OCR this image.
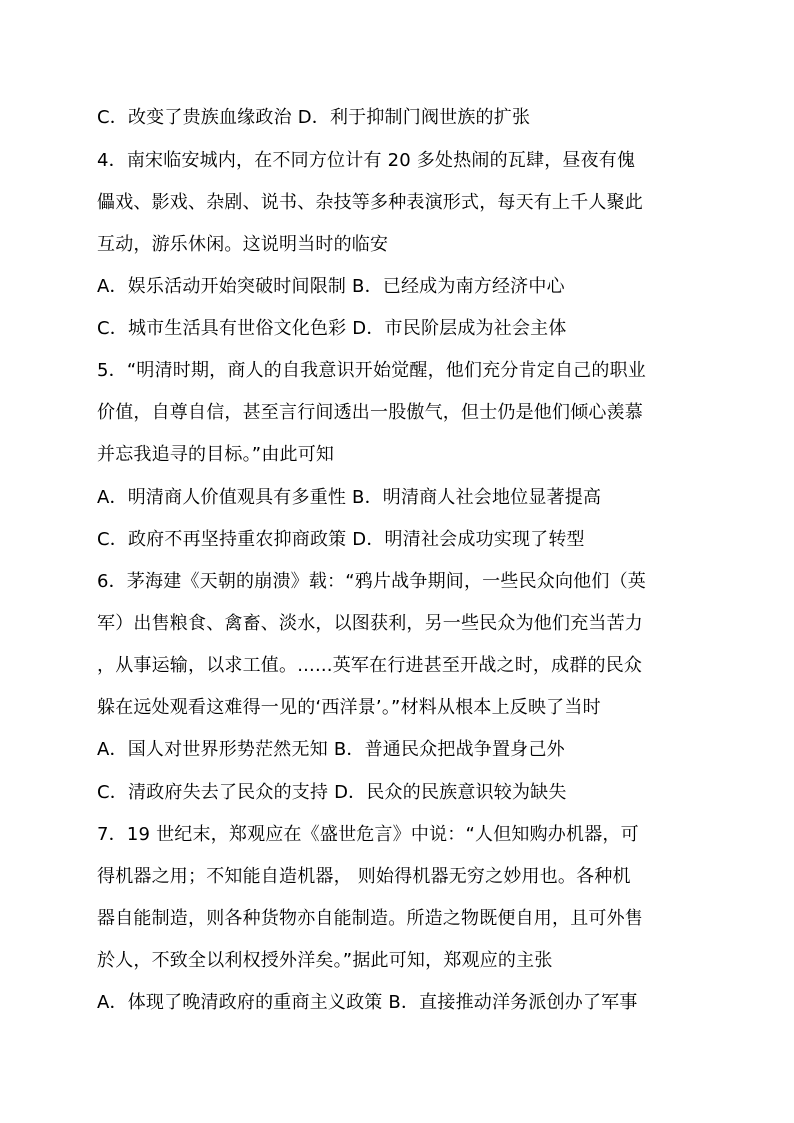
C．改变了贵族血缘政治 D．利于抑制门阀世族的扩张
4．南宋临安城内，在不同方位计有 20 多处热闹的瓦肆，昼夜有傀
儡戏、影戏、杂剧、说书、杂技等多种表演形式，每天有上千人聚此
互动，游乐休闲。这说明当时的临安
A．娱乐活动开始突破时间限制 B．已经成为南方经济中心
C．城市生活具有世俗文化色彩 D．市民阶层成为社会主体
5．“明清时期，商人的自我意识开始觉醒，他们充分肯定自己的职业
价值，自尊自信，甚至言行间透出一股傲气，但士仍是他们倾心羡慕
并忘我追寻的目标。”由此可知
A．明清商人价值观具有多重性 B．明清商人社会地位显著提高
C．政府不再坚持重农抑商政策 D．明清社会成功实现了转型
6．茅海建《天朝的崩溃》载：“鸦片战争期间，一些民众向他们（英
军）出售粮食、禽畜、淡水，以图获利，另一些民众为他们充当苦力
，从事运输，以求工值。......英军在行进甚至开战之时，成群的民众
躲在远处观看这难得一见的‘西洋景’。”材料从根本上反映了当时
A．国人对世界形势茫然无知 B．普通民众把战争置身己外
C．清政府失去了民众的支持 D．民众的民族意识较为缺失
7．19 世纪末，郑观应在《盛世危言》中说：“人但知购办机器，可
得机器之用；不知能自造机器， 则始得机器无穷之妙用也。各种机
器自能制造，则各种货物亦自能制造。所造之物既便自用，且可外售
於人，不致全以利权授外洋矣。”据此可知，郑观应的主张
A．体现了晚清政府的重商主义政策 B．直接推动洋务派创办了军事
